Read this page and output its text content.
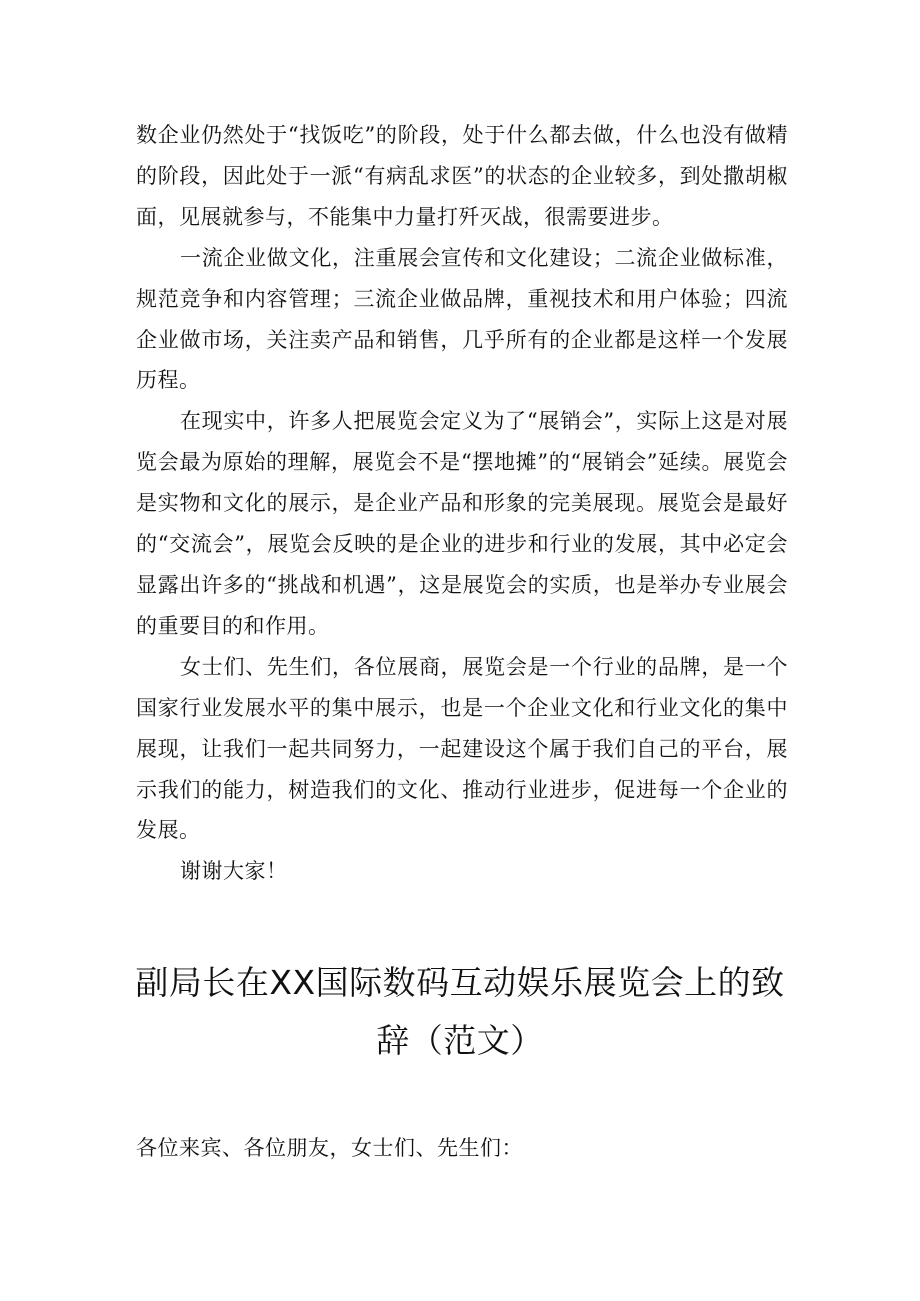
数企业仍然处于“找饭吃”的阶段，处于什么都去做，什么也没有做精的阶段，因此处于一派“有病乱求医”的状态的企业较多，到处撒胡椒面，见展就参与，不能集中力量打歼灭战，很需要进步。

一流企业做文化，注重展会宣传和文化建设；二流企业做标准，规范竞争和内容管理；三流企业做品牌，重视技术和用户体验；四流企业做市场，关注卖产品和销售，几乎所有的企业都是这样一个发展历程。

在现实中，许多人把展览会定义为了“展销会”，实际上这是对展览会最为原始的理解，展览会不是“摆地摊”的“展销会”延续。展览会是实物和文化的展示，是企业产品和形象的完美展现。展览会是最好的“交流会”，展览会反映的是企业的进步和行业的发展，其中必定会显露出许多的“挑战和机遇”，这是展览会的实质，也是举办专业展会的重要目的和作用。

女士们、先生们，各位展商，展览会是一个行业的品牌，是一个国家行业发展水平的集中展示，也是一个企业文化和行业文化的集中展现，让我们一起共同努力，一起建设这个属于我们自己的平台，展示我们的能力，树造我们的文化、推动行业进步，促进每一个企业的发展。

谢谢大家！

副局长在XX国际数码互动娱乐展览会上的致
辞（范文）
各位来宾、各位朋友，女士们、先生们：
